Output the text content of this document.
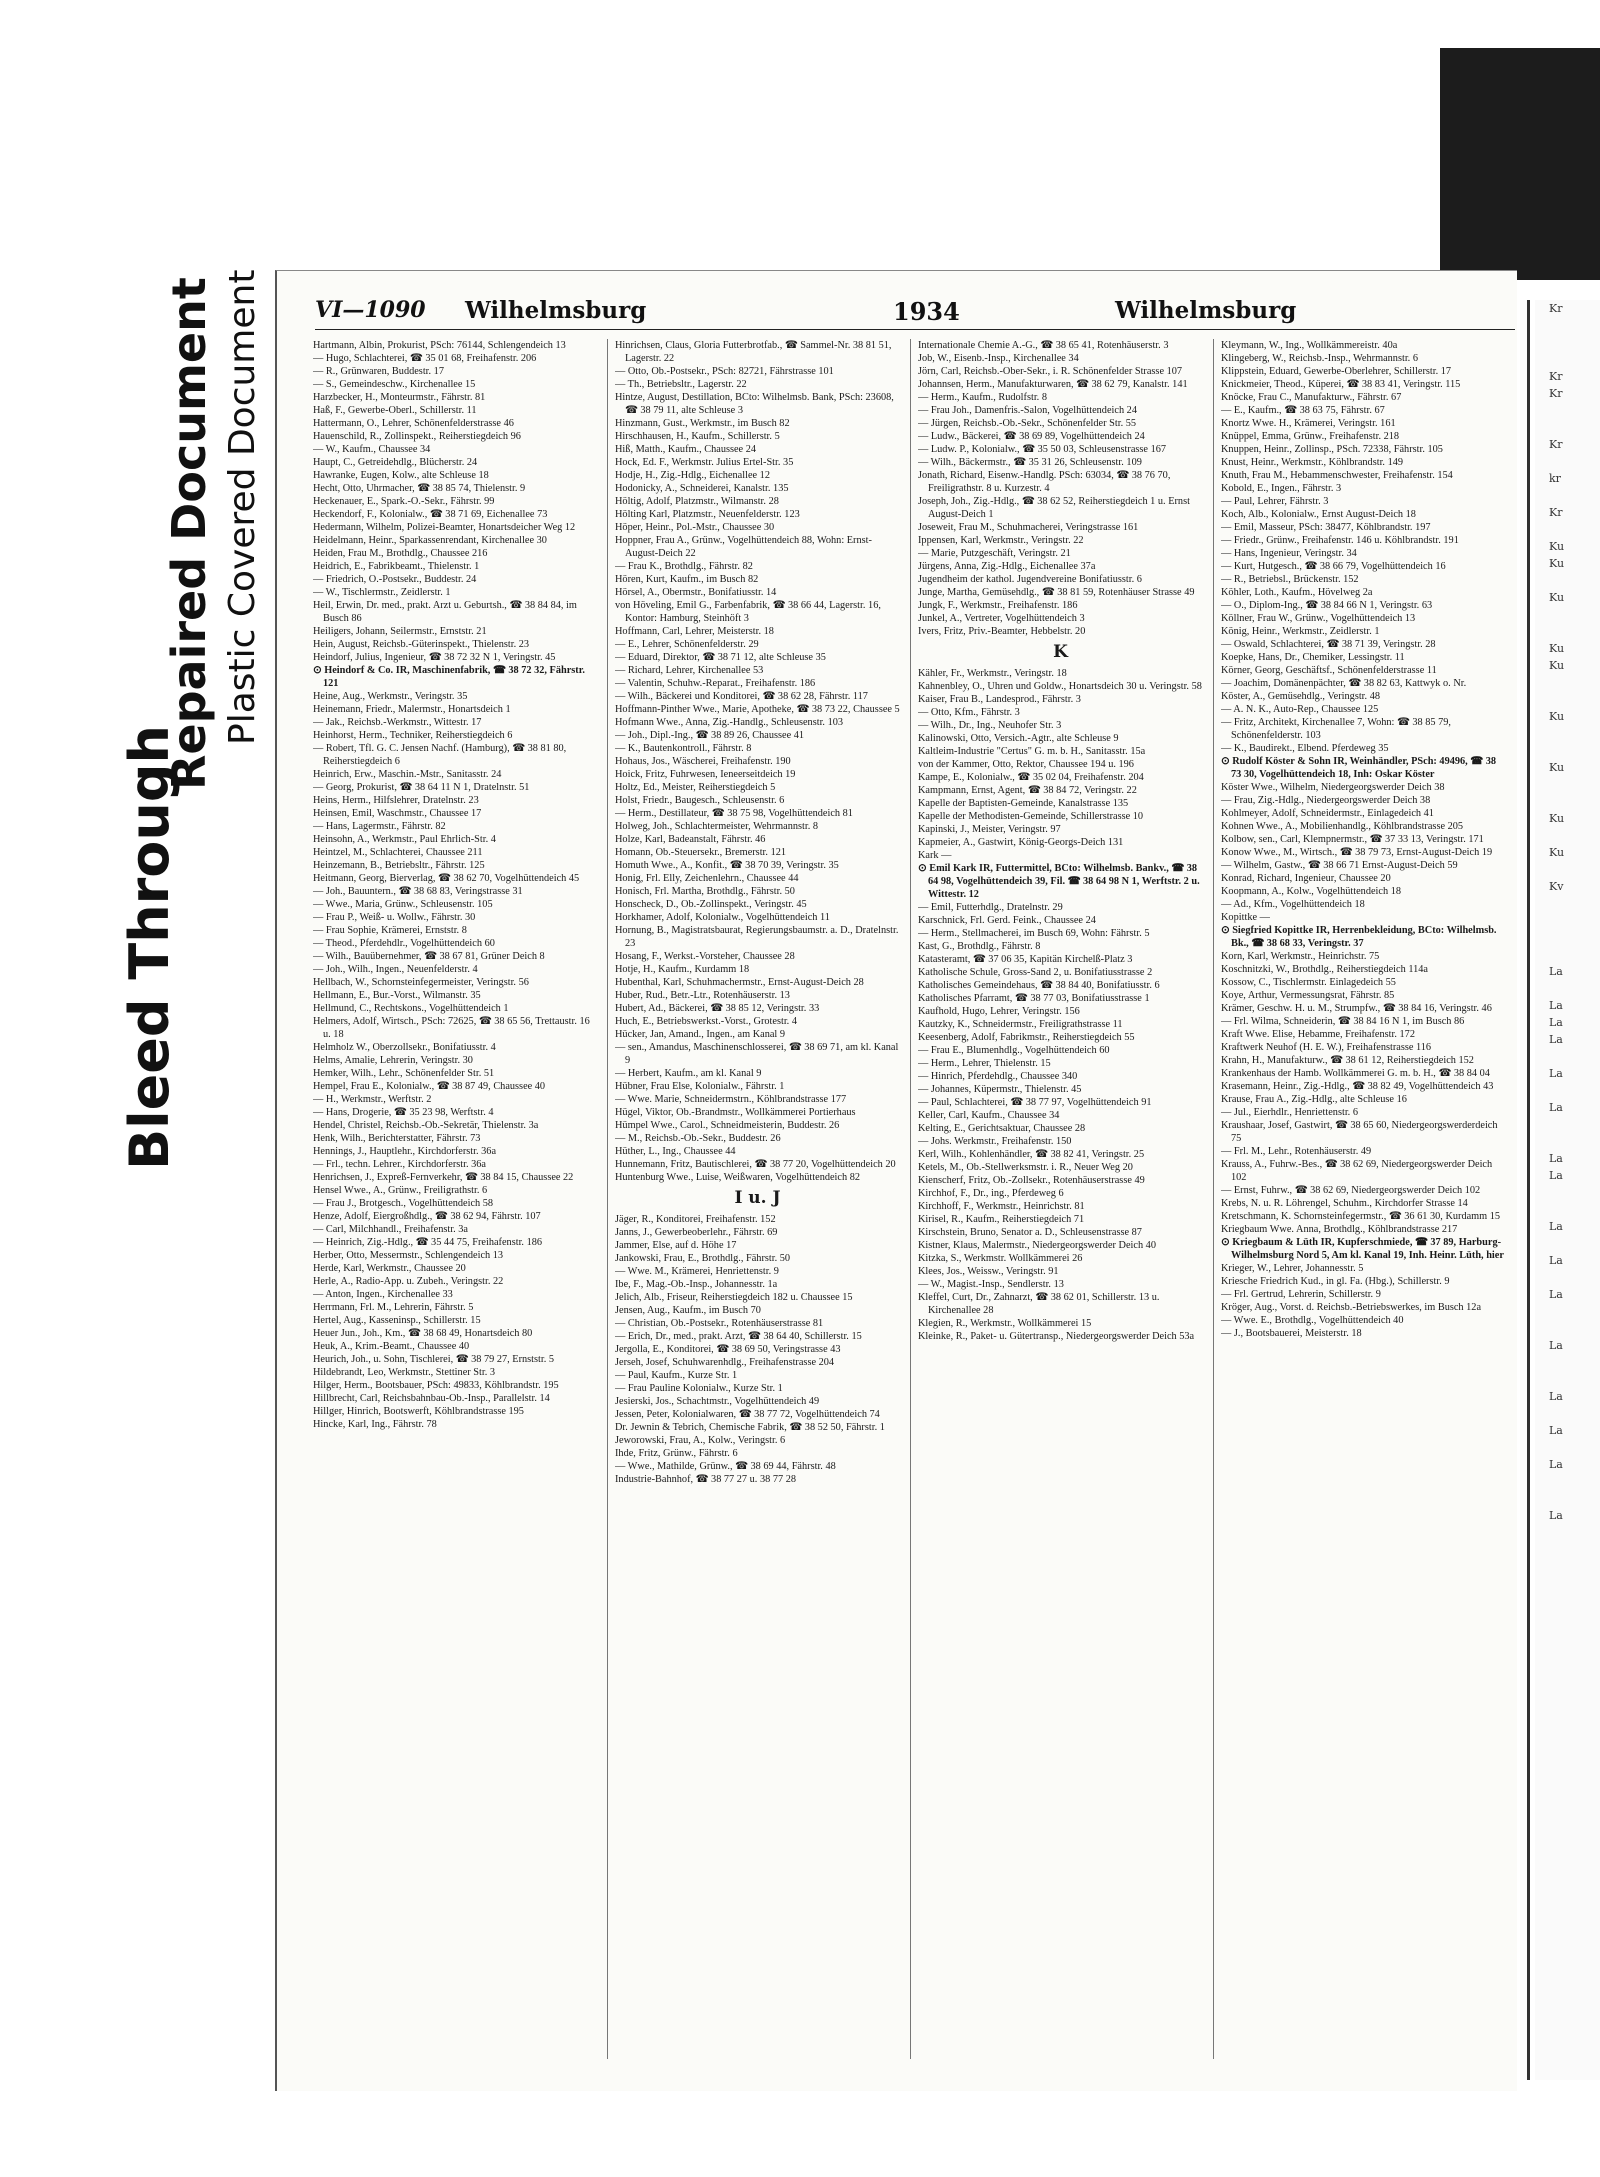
Bleed Through
Repaired Document Plastic Covered Document VI—1090 Wilhelmsburg	1934	Wilhelmsburg
Hartmann, Albin, Prokurist, PSch: 76144, Schlengendeich 13
— Hugo, Schlachterei, ☎ 35 01 68, Freihafenstr. 206
— R., Grünwaren, Buddestr. 17
— S., Gemeindeschw., Kirchenallee 15
Harzbecker, H., Monteurmstr., Fährstr. 81
Haß, F., Gewerbe-Oberl., Schillerstr. 11
Hattermann, O., Lehrer, Schönenfelderstrasse 46
Hauenschild, R., Zollinspekt., Reiherstiegdeich 96
— W., Kaufm., Chaussee 34
Haupt, C., Getreidehdlg., Blücherstr. 24
Hawranke, Eugen, Kolw., alte Schleuse 18
Hecht, Otto, Uhrmacher, ☎ 38 85 74, Thielenstr. 9
Heckenauer, E., Spark.-O.-Sekr., Fährstr. 99
Heckendorf, F., Kolonialw., ☎ 38 71 69, Eichenallee 73
Hedermann, Wilhelm, Polizei-Beamter, Honartsdeicher Weg 12
Heidelmann, Heinr., Sparkassenrendant, Kirchenallee 30
Heiden, Frau M., Brothdlg., Chaussee 216
Heidrich, E., Fabrikbeamt., Thielenstr. 1
— Friedrich, O.-Postsekr., Buddestr. 24
— W., Tischlermstr., Zeidlerstr. 1
Heil, Erwin, Dr. med., prakt. Arzt u. Geburtsh., ☎ 38 84 84, im Busch 86
Heiligers, Johann, Seilermstr., Ernststr. 21
Hein, August, Reichsb.-Güterinspekt., Thielenstr. 23
Heindorf, Julius, Ingenieur, ☎ 38 72 32 N 1, Veringstr. 45
⊙ Heindorf & Co. IR, Maschinenfabrik, ☎ 38 72 32, Fährstr. 121
Heine, Aug., Werkmstr., Veringstr. 35
Heinemann, Friedr., Malermstr., Honartsdeich 1
— Jak., Reichsb.-Werkmstr., Wittestr. 17
Heinhorst, Herm., Techniker, Reiherstiegdeich 6
— Robert, Tfl. G. C. Jensen Nachf. (Hamburg), ☎ 38 81 80, Reiherstiegdeich 6
Heinrich, Erw., Maschin.-Mstr., Sanitasstr. 24
— Georg, Prokurist, ☎ 38 64 11 N 1, Dratelnstr. 51
Heins, Herm., Hilfslehrer, Dratelnstr. 23
Heinsen, Emil, Waschmstr., Chaussee 17
— Hans, Lagermstr., Fährstr. 82
Heinsohn, A., Werkmstr., Paul Ehrlich-Str. 4
Heintzel, M., Schlachterei, Chaussee 211
Heinzemann, B., Betriebsltr., Fährstr. 125
Heitmann, Georg, Bierverlag, ☎ 38 62 70, Vogelhüttendeich 45
— Joh., Bauuntern., ☎ 38 68 83, Veringstrasse 31
— Wwe., Maria, Grünw., Schleusenstr. 105
— Frau P., Weiß- u. Wollw., Fährstr. 30
— Frau Sophie, Krämerei, Ernststr. 8
— Theod., Pferdehdlr., Vogelhüttendeich 60
— Wilh., Bauübernehmer, ☎ 38 67 81, Grüner Deich 8
— Joh., Wilh., Ingen., Neuenfelderstr. 4
Hellbach, W., Schornsteinfegermeister, Veringstr. 56
Hellmann, E., Bur.-Vorst., Wilmanstr. 35
Hellmund, C., Rechtskons., Vogelhüttendeich 1
Helmers, Adolf, Wirtsch., PSch: 72625, ☎ 38 65 56, Trettaustr. 16 u. 18
Helmholz W., Oberzollsekr., Bonifatiusstr. 4
Helms, Amalie, Lehrerin, Veringstr. 30
Hemker, Wilh., Lehr., Schönenfelder Str. 51
Hempel, Frau E., Kolonialw., ☎ 38 87 49, Chaussee 40
— H., Werkmstr., Werftstr. 2
— Hans, Drogerie, ☎ 35 23 98, Werftstr. 4
Hendel, Christel, Reichsb.-Ob.-Sekretär, Thielenstr. 3a
Henk, Wilh., Berichterstatter, Fährstr. 73
Hennings, J., Hauptlehr., Kirchdorferstr. 36a
— Frl., techn. Lehrer., Kirchdorferstr. 36a
Henrichsen, J., Expreß-Fernverkehr, ☎ 38 84 15, Chaussee 22
Hensel Wwe., A., Grünw., Freiligrathstr. 6
— Frau J., Brotgesch., Vogelhüttendeich 58
Henze, Adolf, Eiergroßhdlg., ☎ 38 62 94, Fährstr. 107
— Carl, Milchhandl., Freihafenstr. 3a
— Heinrich, Zig.-Hdlg., ☎ 35 44 75, Freihafenstr. 186
Herber, Otto, Messermstr., Schlengendeich 13
Herde, Karl, Werkmstr., Chaussee 20
Herle, A., Radio-App. u. Zubeh., Veringstr. 22
— Anton, Ingen., Kirchenallee 33
Herrmann, Frl. M., Lehrerin, Fährstr. 5
Hertel, Aug., Kasseninsp., Schillerstr. 15
Heuer Jun., Joh., Km., ☎ 38 68 49, Honartsdeich 80
Heuk, A., Krim.-Beamt., Chaussee 40
Heurich, Joh., u. Sohn, Tischlerei, ☎ 38 79 27, Ernststr. 5
Hildebrandt, Leo, Werkmstr., Stettiner Str. 3
Hilger, Herm., Bootsbauer, PSch: 49833, Köhlbrandstr. 195
Hillbrecht, Carl, Reichsbahnbau-Ob.-Insp., Parallelstr. 14
Hillger, Hinrich, Bootswerft, Köhlbrandstrasse 195
Hincke, Karl, Ing., Fährstr. 78
Hinrichsen, Claus, Gloria Futterbrotfab., ☎ Sammel-Nr. 38 81 51, Lagerstr. 22
— Otto, Ob.-Postsekr., PSch: 82721, Fährstrasse 101
— Th., Betriebsltr., Lagerstr. 22
Hintze, August, Destillation, BCto: Wilhelmsb. Bank, PSch: 23608, ☎ 38 79 11, alte Schleuse 3
Hinzmann, Gust., Werkmstr., im Busch 82
Hirschhausen, H., Kaufm., Schillerstr. 5
Hiß, Matth., Kaufm., Chaussee 24
Hock, Ed. F., Werkmstr. Julius Ertel-Str. 35
Hodje, H., Zig.-Hdlg., Eichenallee 12
Hodonicky, A., Schneiderei, Kanalstr. 135
Höltig, Adolf, Platzmstr., Wilmanstr. 28
Hölting Karl, Platzmstr., Neuenfelderstr. 123
Höper, Heinr., Pol.-Mstr., Chaussee 30
Hoppner, Frau A., Grünw., Vogelhüttendeich 88, Wohn: Ernst-August-Deich 22
— Frau K., Brothdlg., Fährstr. 82
Hören, Kurt, Kaufm., im Busch 82
Hörsel, A., Obermstr., Bonifatiusstr. 14
von Höveling, Emil G., Farbenfabrik, ☎ 38 66 44, Lagerstr. 16, Kontor: Hamburg, Steinhöft 3
Hoffmann, Carl, Lehrer, Meisterstr. 18
— E., Lehrer, Schönenfelderstr. 29
— Eduard, Direktor, ☎ 38 71 12, alte Schleuse 35
— Richard, Lehrer, Kirchenallee 53
— Valentin, Schuhw.-Reparat., Freihafenstr. 186
— Wilh., Bäckerei und Konditorei, ☎ 38 62 28, Fährstr. 117
Hoffmann-Pinther Wwe., Marie, Apotheke, ☎ 38 73 22, Chaussee 5
Hofmann Wwe., Anna, Zig.-Handlg., Schleusenstr. 103
— Joh., Dipl.-Ing., ☎ 38 89 26, Chaussee 41
— K., Bautenkontroll., Fährstr. 8
Hohaus, Jos., Wäscherei, Freihafenstr. 190
Hoick, Fritz, Fuhrwesen, Ieneerseitdeich 19
Holtz, Ed., Meister, Reiherstiegdeich 5
Holst, Friedr., Baugesch., Schleusenstr. 6
— Herm., Destillateur, ☎ 38 75 98, Vogelhüttendeich 81
Holweg, Joh., Schlachtermeister, Wehrmannstr. 8
Holze, Karl, Badeanstalt, Fährstr. 46
Homann, Ob.-Steuersekr., Bremerstr. 121
Homuth Wwe., A., Konfit., ☎ 38 70 39, Veringstr. 35
Honig, Frl. Elly, Zeichenlehrn., Chaussee 44
Honisch, Frl. Martha, Brothdlg., Fährstr. 50
Honscheck, D., Ob.-Zollinspekt., Veringstr. 45
Horkhamer, Adolf, Kolonialw., Vogelhüttendeich 11
Hornung, B., Magistratsbaurat, Regierungsbaumstr. a. D., Dratelnstr. 23
Hosang, F., Werkst.-Vorsteher, Chaussee 28
Hotje, H., Kaufm., Kurdamm 18
Hubenthal, Karl, Schuhmachermstr., Ernst-August-Deich 28
Huber, Rud., Betr.-Ltr., Rotenhäuserstr. 13
Hubert, Ad., Bäckerei, ☎ 38 85 12, Veringstr. 33
Huch, E., Betriebswerkst.-Vorst., Grotestr. 4
Hücker, Jan, Amand., Ingen., am Kanal 9
— sen., Amandus, Maschinenschlosserei, ☎ 38 69 71, am kl. Kanal 9
— Herbert, Kaufm., am kl. Kanal 9
Hübner, Frau Else, Kolonialw., Fährstr. 1
— Wwe. Marie, Schneidermstrn., Köhlbrandstrasse 177
Hügel, Viktor, Ob.-Brandmstr., Wollkämmerei Portierhaus
Hümpel Wwe., Carol., Schneidmeisterin, Buddestr. 26
— M., Reichsb.-Ob.-Sekr., Buddestr. 26
Hüther, L., Ing., Chaussee 44
Hunnemann, Fritz, Bautischlerei, ☎ 38 77 20, Vogelhüttendeich 20
Huntenburg Wwe., Luise, Weißwaren, Vogelhüttendeich 82
I u. J
Jäger, R., Konditorei, Freihafenstr. 152
Janns, J., Gewerbeoberlehr., Fährstr. 69
Jammer, Else, auf d. Höhe 17
Jankowski, Frau, E., Brothdlg., Fährstr. 50
— Wwe. M., Krämerei, Henriettenstr. 9
Ibe, F., Mag.-Ob.-Insp., Johannesstr. 1a
Jelich, Alb., Friseur, Reiherstiegdeich 182 u. Chaussee 15
Jensen, Aug., Kaufm., im Busch 70
— Christian, Ob.-Postsekr., Rotenhäuserstrasse 81
— Erich, Dr., med., prakt. Arzt, ☎ 38 64 40, Schillerstr. 15
Jergolla, E., Konditorei, ☎ 38 69 50, Veringstrasse 43
Jerseh, Josef, Schuhwarenhdlg., Freihafenstrasse 204
— Paul, Kaufm., Kurze Str. 1
— Frau Pauline Kolonialw., Kurze Str. 1
Jesierski, Jos., Schachtmstr., Vogelhüttendeich 49
Jessen, Peter, Kolonialwaren, ☎ 38 77 72, Vogelhüttendeich 74
Dr. Jewnin & Tebrich, Chemische Fabrik, ☎ 38 52 50, Fährstr. 1
Jeworowski, Frau, A., Kolw., Veringstr. 6
Ihde, Fritz, Grünw., Fährstr. 6
— Wwe., Mathilde, Grünw., ☎ 38 69 44, Fährstr. 48
Industrie-Bahnhof, ☎ 38 77 27 u. 38 77 28
Internationale Chemie A.-G., ☎ 38 65 41, Rotenhäuserstr. 3
Job, W., Eisenb.-Insp., Kirchenallee 34
Jörn, Carl, Reichsb.-Ober-Sekr., i. R. Schönenfelder Strasse 107
Johannsen, Herm., Manufakturwaren, ☎ 38 62 79, Kanalstr. 141
— Herm., Kaufm., Rudolfstr. 8
— Frau Joh., Damenfris.-Salon, Vogelhüttendeich 24
— Jürgen, Reichsb.-Ob.-Sekr., Schönenfelder Str. 55
— Ludw., Bäckerei, ☎ 38 69 89, Vogelhüttendeich 24
— Ludw. P., Kolonialw., ☎ 35 50 03, Schleusenstrasse 167
— Wilh., Bäckermstr., ☎ 35 31 26, Schleusenstr. 109
Jonath, Richard, Eisenw.-Handlg. PSch: 63034, ☎ 38 76 70, Freiligrathstr. 8 u. Kurzestr. 4
Joseph, Joh., Zig.-Hdlg., ☎ 38 62 52, Reiherstiegdeich 1 u. Ernst August-Deich 1
Joseweit, Frau M., Schuhmacherei, Veringstrasse 161
Ippensen, Karl, Werkmstr., Veringstr. 22
— Marie, Putzgeschäft, Veringstr. 21
Jürgens, Anna, Zig.-Hdlg., Eichenallee 37a
Jugendheim der kathol. Jugendvereine Bonifatiusstr. 6
Junge, Martha, Gemüsehdlg., ☎ 38 81 59, Rotenhäuser Strasse 49
Jungk, F., Werkmstr., Freihafenstr. 186
Junkel, A., Vertreter, Vogelhüttendeich 3
Ivers, Fritz, Priv.-Beamter, Hebbelstr. 20
K
Kähler, Fr., Werkmstr., Veringstr. 18
Kahnenbley, O., Uhren und Goldw., Honartsdeich 30 u. Veringstr. 58
Kaiser, Frau B., Landesprod., Fährstr. 3
— Otto, Kfm., Fährstr. 3
— Wilh., Dr., Ing., Neuhofer Str. 3
Kalinowski, Otto, Versich.-Agtr., alte Schleuse 9
Kaltleim-Industrie "Certus" G. m. b. H., Sanitasstr. 15a
von der Kammer, Otto, Rektor, Chaussee 194 u. 196
Kampe, E., Kolonialw., ☎ 35 02 04, Freihafenstr. 204
Kampmann, Ernst, Agent, ☎ 38 84 72, Veringstr. 22
Kapelle der Baptisten-Gemeinde, Kanalstrasse 135
Kapelle der Methodisten-Gemeinde, Schillerstrasse 10
Kapinski, J., Meister, Veringstr. 97
Kapmeier, A., Gastwirt, König-Georgs-Deich 131
Kark —
⊙ Emil Kark IR, Futtermittel, BCto: Wilhelmsb. Bankv., ☎ 38 64 98, Vogelhüttendeich 39, Fil. ☎ 38 64 98 N 1, Werftstr. 2 u. Wittestr. 12
— Emil, Futterhdlg., Dratelnstr. 29
Karschnick, Frl. Gerd. Feink., Chaussee 24
— Herm., Stellmacherei, im Busch 69, Wohn: Fährstr. 5
Kast, G., Brothdlg., Fährstr. 8
Katasteramt, ☎ 37 06 35, Kapitän Kirchelß-Platz 3
Katholische Schule, Gross-Sand 2, u. Bonifatiusstrasse 2
Katholisches Gemeindehaus, ☎ 38 84 40, Bonifatiusstr. 6
Katholisches Pfarramt, ☎ 38 77 03, Bonifatiusstrasse 1
Kaufhold, Hugo, Lehrer, Veringstr. 156
Kautzky, K., Schneidermstr., Freiligrathstrasse 11
Keesenberg, Adolf, Fabrikmstr., Reiherstiegdeich 55
— Frau E., Blumenhdlg., Vogelhüttendeich 60
— Herm., Lehrer, Thielenstr. 15
— Hinrich, Pferdehdlg., Chaussee 340
— Johannes, Küpermstr., Thielenstr. 45
— Paul, Schlachterei, ☎ 38 77 97, Vogelhüttendeich 91
Keller, Carl, Kaufm., Chaussee 34
Kelting, E., Gerichtsaktuar, Chaussee 28
— Johs. Werkmstr., Freihafenstr. 150
Kerl, Wilh., Kohlenhändler, ☎ 38 82 41, Veringstr. 25
Ketels, M., Ob.-Stellwerksmstr. i. R., Neuer Weg 20
Kienscherf, Fritz, Ob.-Zollsekr., Rotenhäuserstrasse 49
Kirchhof, F., Dr., ing., Pferdeweg 6
Kirchhoff, F., Werkmstr., Heinrichstr. 81
Kirisel, R., Kaufm., Reiherstiegdeich 71
Kirschstein, Bruno, Senator a. D., Schleusenstrasse 87
Kistner, Klaus, Malermstr., Niedergeorgswerder Deich 40
Kitzka, S., Werkmstr. Wollkämmerei 26
Klees, Jos., Weissw., Veringstr. 91
— W., Magist.-Insp., Sendlerstr. 13
Kleffel, Curt, Dr., Zahnarzt, ☎ 38 62 01, Schillerstr. 13 u. Kirchenallee 28
Klegien, R., Werkmstr., Wollkämmerei 15
Kleinke, R., Paket- u. Gütertransp., Niedergeorgswerder Deich 53a
Kleymann, W., Ing., Wollkämmereistr. 40a
Klingeberg, W., Reichsb.-Insp., Wehrmannstr. 6
Klippstein, Eduard, Gewerbe-Oberlehrer, Schillerstr. 17
Knickmeier, Theod., Küperei, ☎ 38 83 41, Veringstr. 115
Knöcke, Frau C., Manufakturw., Fährstr. 67
— E., Kaufm., ☎ 38 63 75, Fährstr. 67
Knortz Wwe. H., Krämerei, Veringstr. 161
Knüppel, Emma, Grünw., Freihafenstr. 218
Knuppen, Heinr., Zollinsp., PSch. 72338, Fährstr. 105
Knust, Heinr., Werkmstr., Köhlbrandstr. 149
Knuth, Frau M., Hebammenschwester, Freihafenstr. 154
Kobold, E., Ingen., Fährstr. 3
— Paul, Lehrer, Fährstr. 3
Koch, Alb., Kolonialw., Ernst August-Deich 18
— Emil, Masseur, PSch: 38477, Köhlbrandstr. 197
— Friedr., Grünw., Freihafenstr. 146 u. Köhlbrandstr. 191
— Hans, Ingenieur, Veringstr. 34
— Kurt, Hutgesch., ☎ 38 66 79, Vogelhüttendeich 16
— R., Betriebsl., Brückenstr. 152
Köhler, Loth., Kaufm., Hövelweg 2a
— O., Diplom-Ing., ☎ 38 84 66 N 1, Veringstr. 63
Köllner, Frau W., Grünw., Vogelhüttendeich 13
König, Heinr., Werkmstr., Zeidlerstr. 1
— Oswald, Schlachterei, ☎ 38 71 39, Veringstr. 28
Koepke, Hans, Dr., Chemiker, Lessingstr. 11
Körner, Georg, Geschäftsf., Schönenfelderstrasse 11
— Joachim, Domänenpächter, ☎ 38 82 63, Kattwyk o. Nr.
Köster, A., Gemüsehdlg., Veringstr. 48
— A. N. K., Auto-Rep., Chaussee 125
— Fritz, Architekt, Kirchenallee 7, Wohn: ☎ 38 85 79, Schönenfelderstr. 103
— K., Baudirekt., Elbend. Pferdeweg 35
⊙ Rudolf Köster & Sohn IR, Weinhändler, PSch: 49496, ☎ 38 73 30, Vogelhüttendeich 18, Inh: Oskar Köster
Köster Wwe., Wilhelm, Niedergeorgswerder Deich 38
— Frau, Zig.-Hdlg., Niedergeorgswerder Deich 38
Kohlmeyer, Adolf, Schneidermstr., Einlagedeich 41
Kohnen Wwe., A., Mobilienhandlg., Köhlbrandstrasse 205
Kolbow, sen., Carl, Klempnermstr., ☎ 37 33 13, Veringstr. 171
Konow Wwe., M., Wirtsch., ☎ 38 79 73, Ernst-August-Deich 19
— Wilhelm, Gastw., ☎ 38 66 71 Ernst-August-Deich 59
Konrad, Richard, Ingenieur, Chaussee 20
Koopmann, A., Kolw., Vogelhüttendeich 18
— Ad., Kfm., Vogelhüttendeich 18
Kopittke —
⊙ Siegfried Kopittke IR, Herrenbekleidung, BCto: Wilhelmsb. Bk., ☎ 38 68 33, Veringstr. 37
Korn, Karl, Werkmstr., Heinrichstr. 75
Koschnitzki, W., Brothdlg., Reiherstiegdeich 114a
Kossow, C., Tischlermstr. Einlagedeich 55
Koye, Arthur, Vermessungsrat, Fährstr. 85
Krämer, Geschw. H. u. M., Strumpfw., ☎ 38 84 16, Veringstr. 46
— Frl. Wilma, Schneiderin, ☎ 38 84 16 N 1, im Busch 86
Kraft Wwe. Elise, Hebamme, Freihafenstr. 172
Kraftwerk Neuhof (H. E. W.), Freihafenstrasse 116
Krahn, H., Manufakturw., ☎ 38 61 12, Reiherstiegdeich 152
Krankenhaus der Hamb. Wollkämmerei G. m. b. H., ☎ 38 84 04
Krasemann, Heinr., Zig.-Hdlg., ☎ 38 82 49, Vogelhüttendeich 43
Krause, Frau A., Zig.-Hdlg., alte Schleuse 16
— Jul., Eierhdlr., Henriettenstr. 6
Kraushaar, Josef, Gastwirt, ☎ 38 65 60, Niedergeorgswerderdeich 75
— Frl. M., Lehr., Rotenhäuserstr. 49
Krauss, A., Fuhrw.-Bes., ☎ 38 62 69, Niedergeorgswerder Deich 102
— Ernst, Fuhrw., ☎ 38 62 69, Niedergeorgswerder Deich 102
Krebs, N. u. R. Löhrengel, Schuhm., Kirchdorfer Strasse 14
Kretschmann, K. Schornsteinfegermstr., ☎ 36 61 30, Kurdamm 15
Kriegbaum Wwe. Anna, Brothdlg., Köhlbrandstrasse 217
⊙ Kriegbaum & Lüth IR, Kupferschmiede, ☎ 37 89, Harburg-Wilhelmsburg Nord 5, Am kl. Kanal 19, Inh. Heinr. Lüth, hier
Krieger, W., Lehrer, Johannesstr. 5
Kriesche Friedrich Kud., in gl. Fa. (Hbg.), Schillerstr. 9
— Frl. Gertrud, Lehrerin, Schillerstr. 9
Kröger, Aug., Vorst. d. Reichsb.-Betriebswerkes, im Busch 12a
— Wwe. E., Brothdlg., Vogelhüttendeich 40
— J., Bootsbauerei, Meisterstr. 18
Kr
Kr
Kr
Kr
kr
Kr
Ku
Ku
Ku
Ku
Ku
Ku
Ku
Ku
Ku
Kv
La
La
La
La
La
La
La
La
La
La
La
La
La
La
La
La
